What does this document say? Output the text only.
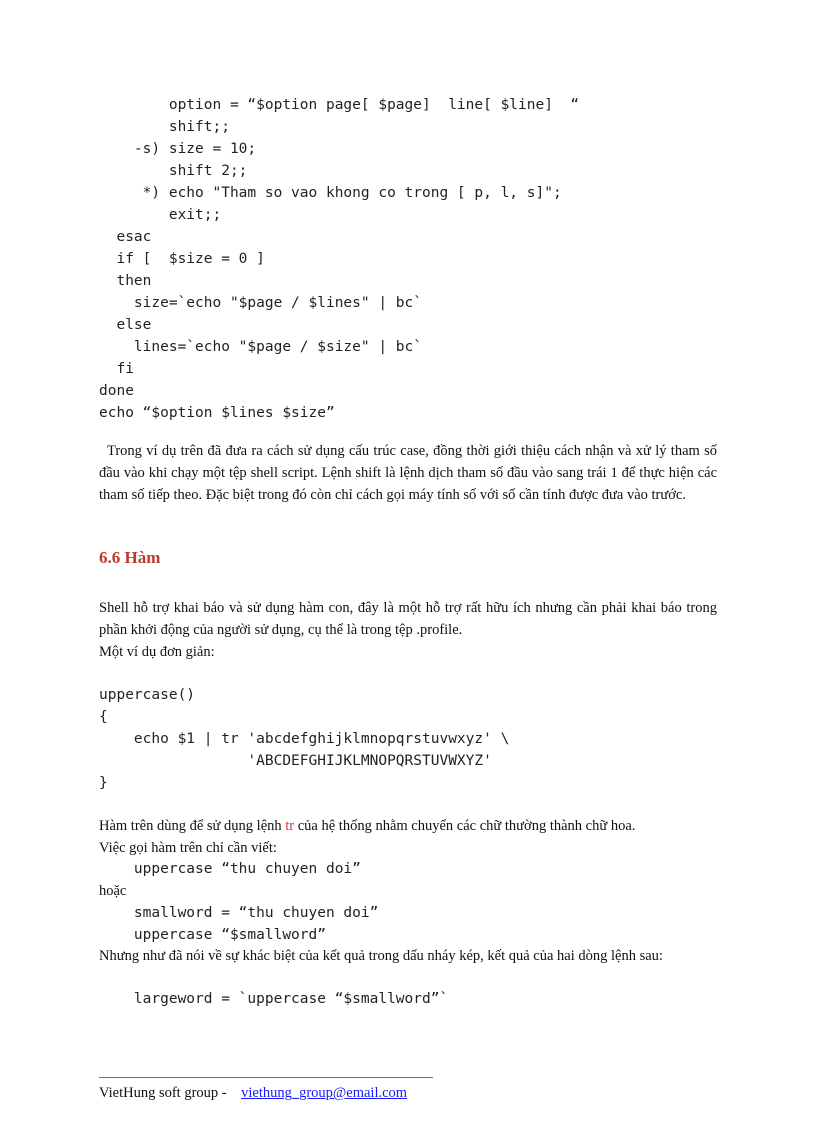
option = “$option page[ $page]  line[ $line]  “
shift;;
-s) size = 10;
shift 2;;
*) echo "Tham so vao khong co trong [ p, l, s]";
exit;;
esac
if [  $size = 0 ]
then
size=`echo "$page / $lines" | bc`
else
lines=`echo "$page / $size" | bc`
fi
done
echo “$option $lines $size”

Trong ví dụ trên đã đưa ra cách sử dụng cấu trúc case, đồng thời giới thiệu cách nhận và xử lý tham số đầu vào khi chạy một tệp shell script. Lệnh shift là lệnh dịch tham số đầu vào sang trái 1 để thực hiện các tham số tiếp theo. Đặc biệt trong đó còn chỉ cách gọi máy tính số với số cần tính được đưa vào trước.

6.6 Hàm

Shell hỗ trợ khai báo và sử dụng hàm con, đây là một hỗ trợ rất hữu ích nhưng cần phải khai báo trong phần khởi động của người sử dụng, cụ thể là trong tệp .profile.

Một ví dụ đơn giản:

uppercase()
{
echo $1 | tr 'abcdefghijklmnopqrstuvwxyz' \
'ABCDEFGHIJKLMNOPQRSTUVWXYZ'
}

Hàm trên dùng để sử dụng lệnh tr của hệ thống nhằm chuyển các chữ thường thành chữ hoa.

Việc gọi hàm trên chỉ cần viết:

uppercase “thu chuyen doi”

hoặc

smallword = “thu chuyen doi”
uppercase “$smallword”

Nhưng như đã nói về sự khác biệt của kết quả trong dấu nháy kép, kết quả của hai dòng lệnh sau:

largeword = `uppercase “$smallword”`
VietHung soft group -    viethung_group@email.com
